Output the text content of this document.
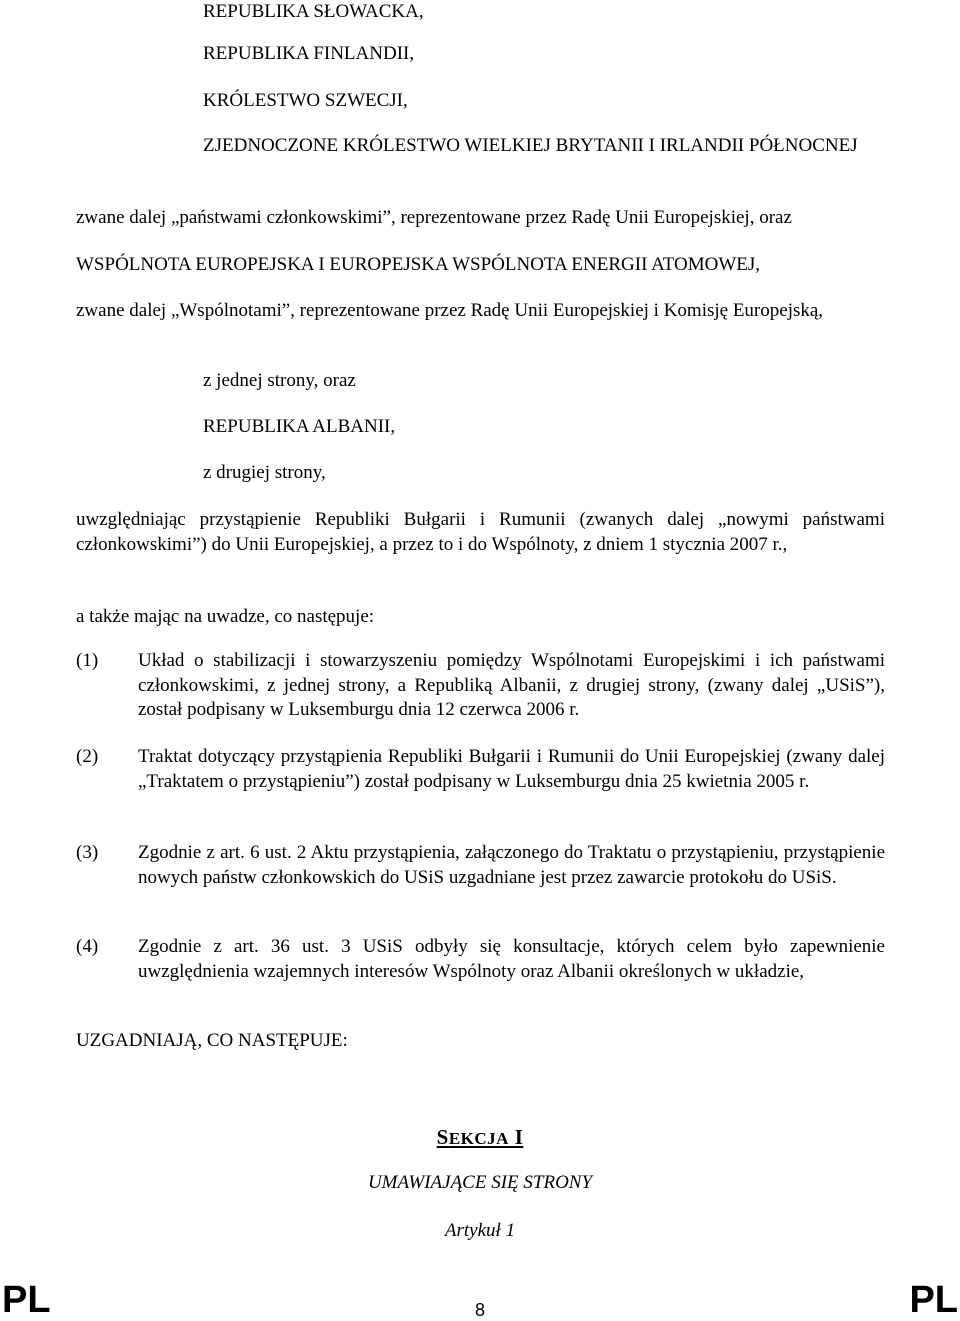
REPUBLIKA SŁOWACKA,
REPUBLIKA FINLANDII,
KRÓLESTWO SZWECJI,
ZJEDNOCZONE KRÓLESTWO WIELKIEJ BRYTANII I IRLANDII PÓŁNOCNEJ
zwane dalej „państwami członkowskimi”, reprezentowane przez Radę Unii Europejskiej, oraz
WSPÓLNOTA EUROPEJSKA I EUROPEJSKA WSPÓLNOTA ENERGII ATOMOWEJ,
zwane dalej „Wspólnotami”, reprezentowane przez Radę Unii Europejskiej i Komisję Europejską,
z jednej strony, oraz
REPUBLIKA ALBANII,
z drugiej strony,
uwzględniając przystąpienie Republiki Bułgarii i Rumunii (zwanych dalej „nowymi państwami członkowskimi”) do Unii Europejskiej, a przez to i do Wspólnoty, z dniem 1 stycznia 2007 r.,
a także mając na uwadze, co następuje:
(1) Układ o stabilizacji i stowarzyszeniu pomiędzy Wspólnotami Europejskimi i ich państwami członkowskimi, z jednej strony, a Republiką Albanii, z drugiej strony, (zwany dalej „USiS”), został podpisany w Luksemburgu dnia 12 czerwca 2006 r.
(2) Traktat dotyczący przystąpienia Republiki Bułgarii i Rumunii do Unii Europejskiej (zwany dalej „Traktatem o przystąpieniu”) został podpisany w Luksemburgu dnia 25 kwietnia 2005 r.
(3) Zgodnie z art. 6 ust. 2 Aktu przystąpienia, załączonego do Traktatu o przystąpieniu, przystąpienie nowych państw członkowskich do USiS uzgadniane jest przez zawarcie protokołu do USiS.
(4) Zgodnie z art. 36 ust. 3 USiS odbyły się konsultacje, których celem było zapewnienie uwzględnienia wzajemnych interesów Wspólnoty oraz Albanii określonych w układzie,
UZGADNIAJĄ, CO NASTĘPUJE:
SEKCJA I
UMAWIAJĄCE SIĘ STRONY
Artykuł 1
PL	8	PL
